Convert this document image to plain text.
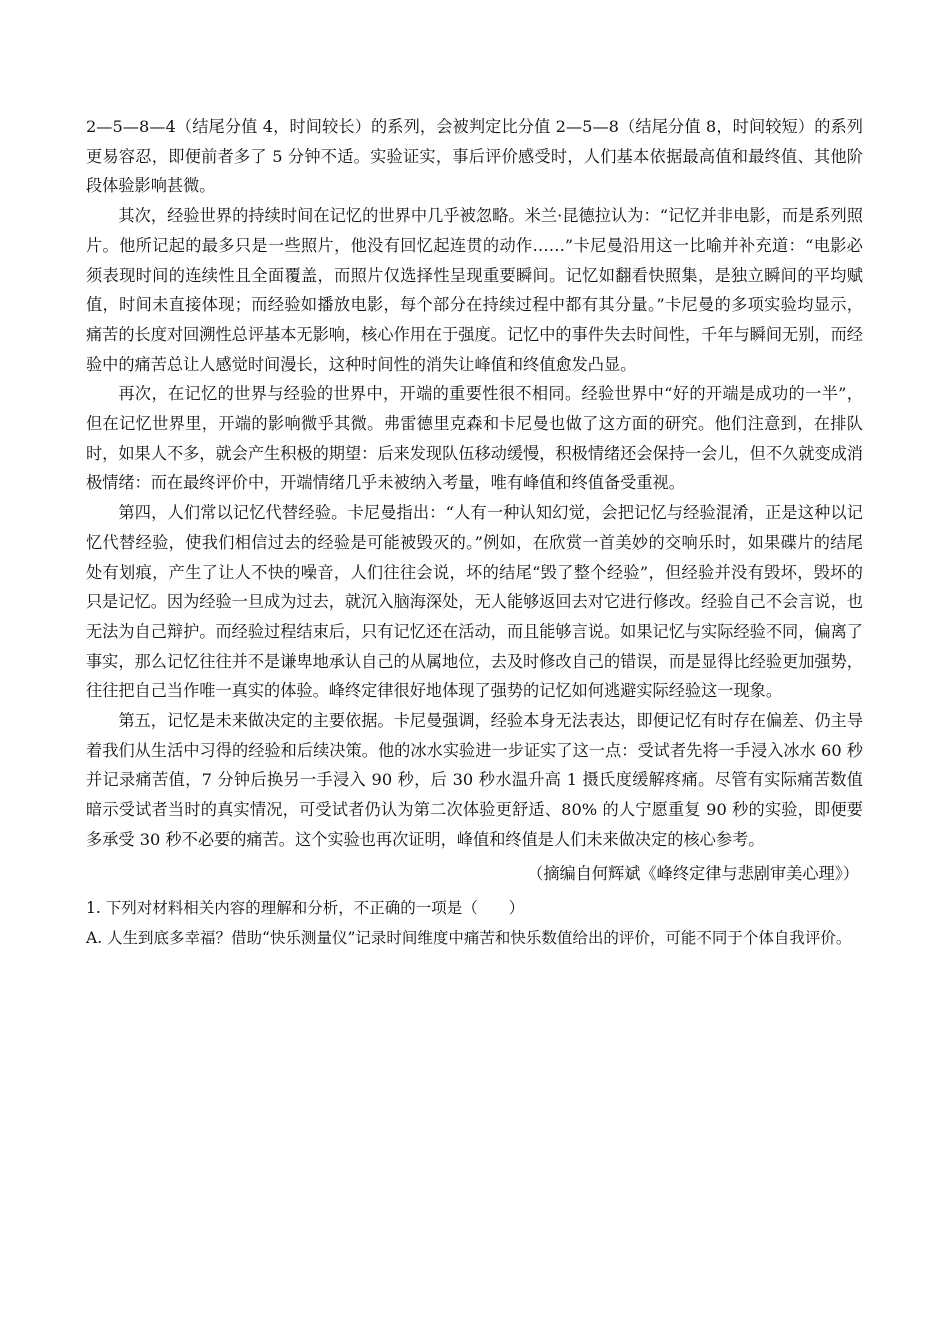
2—5—8—4（结尾分值 4，时间较长）的系列，会被判定比分值 2—5—8（结尾分值 8，时间较短）的系列更易容忍，即便前者多了 5 分钟不适。实验证实，事后评价感受时，人们基本依据最高值和最终值、其他阶段体验影响甚微。

其次，经验世界的持续时间在记忆的世界中几乎被忽略。米兰·昆德拉认为：“记忆并非电影，而是系列照片。他所记起的最多只是一些照片，他没有回忆起连贯的动作……”卡尼曼沿用这一比喻并补充道：“电影必须表现时间的连续性且全面覆盖，而照片仅选择性呈现重要瞬间。记忆如翻看快照集，是独立瞬间的平均赋值，时间未直接体现；而经验如播放电影，每个部分在持续过程中都有其分量。”卡尼曼的多项实验均显示，痛苦的长度对回溯性总评基本无影响，核心作用在于强度。记忆中的事件失去时间性，千年与瞬间无别，而经验中的痛苦总让人感觉时间漫长，这种时间性的消失让峰值和终值愈发凸显。

再次，在记忆的世界与经验的世界中，开端的重要性很不相同。经验世界中“好的开端是成功的一半”，但在记忆世界里，开端的影响微乎其微。弗雷德里克森和卡尼曼也做了这方面的研究。他们注意到，在排队时，如果人不多，就会产生积极的期望：后来发现队伍移动缓慢，积极情绪还会保持一会儿，但不久就变成消极情绪：而在最终评价中，开端情绪几乎未被纳入考量，唯有峰值和终值备受重视。

第四，人们常以记忆代替经验。卡尼曼指出：“人有一种认知幻觉，会把记忆与经验混淆，正是这种以记忆代替经验，使我们相信过去的经验是可能被毁灭的。”例如，在欣赏一首美妙的交响乐时，如果碟片的结尾处有划痕，产生了让人不快的噪音，人们往往会说，坏的结尾“毁了整个经验”，但经验并没有毁坏，毁坏的只是记忆。因为经验一旦成为过去，就沉入脑海深处，无人能够返回去对它进行修改。经验自己不会言说，也无法为自己辩护。而经验过程结束后，只有记忆还在活动，而且能够言说。如果记忆与实际经验不同，偏离了事实，那么记忆往往并不是谦卑地承认自己的从属地位，去及时修改自己的错误，而是显得比经验更加强势，往往把自己当作唯一真实的体验。峰终定律很好地体现了强势的记忆如何逃避实际经验这一现象。

第五，记忆是未来做决定的主要依据。卡尼曼强调，经验本身无法表达，即便记忆有时存在偏差、仍主导着我们从生活中习得的经验和后续决策。他的冰水实验进一步证实了这一点：受试者先将一手浸入冰水 60 秒并记录痛苦值，7 分钟后换另一手浸入 90 秒，后 30 秒水温升高 1 摄氏度缓解疼痛。尽管有实际痛苦数值暗示受试者当时的真实情况，可受试者仍认为第二次体验更舒适、80% 的人宁愿重复 90 秒的实验，即便要多承受 30 秒不必要的痛苦。这个实验也再次证明，峰值和终值是人们未来做决定的核心参考。

（摘编自何辉斌《峰终定律与悲剧审美心理》）

1. 下列对材料相关内容的理解和分析，不正确的一项是（　　）

A. 人生到底多幸福？借助“快乐测量仪”记录时间维度中痛苦和快乐数值给出的评价，可能不同于个体自我评价。
